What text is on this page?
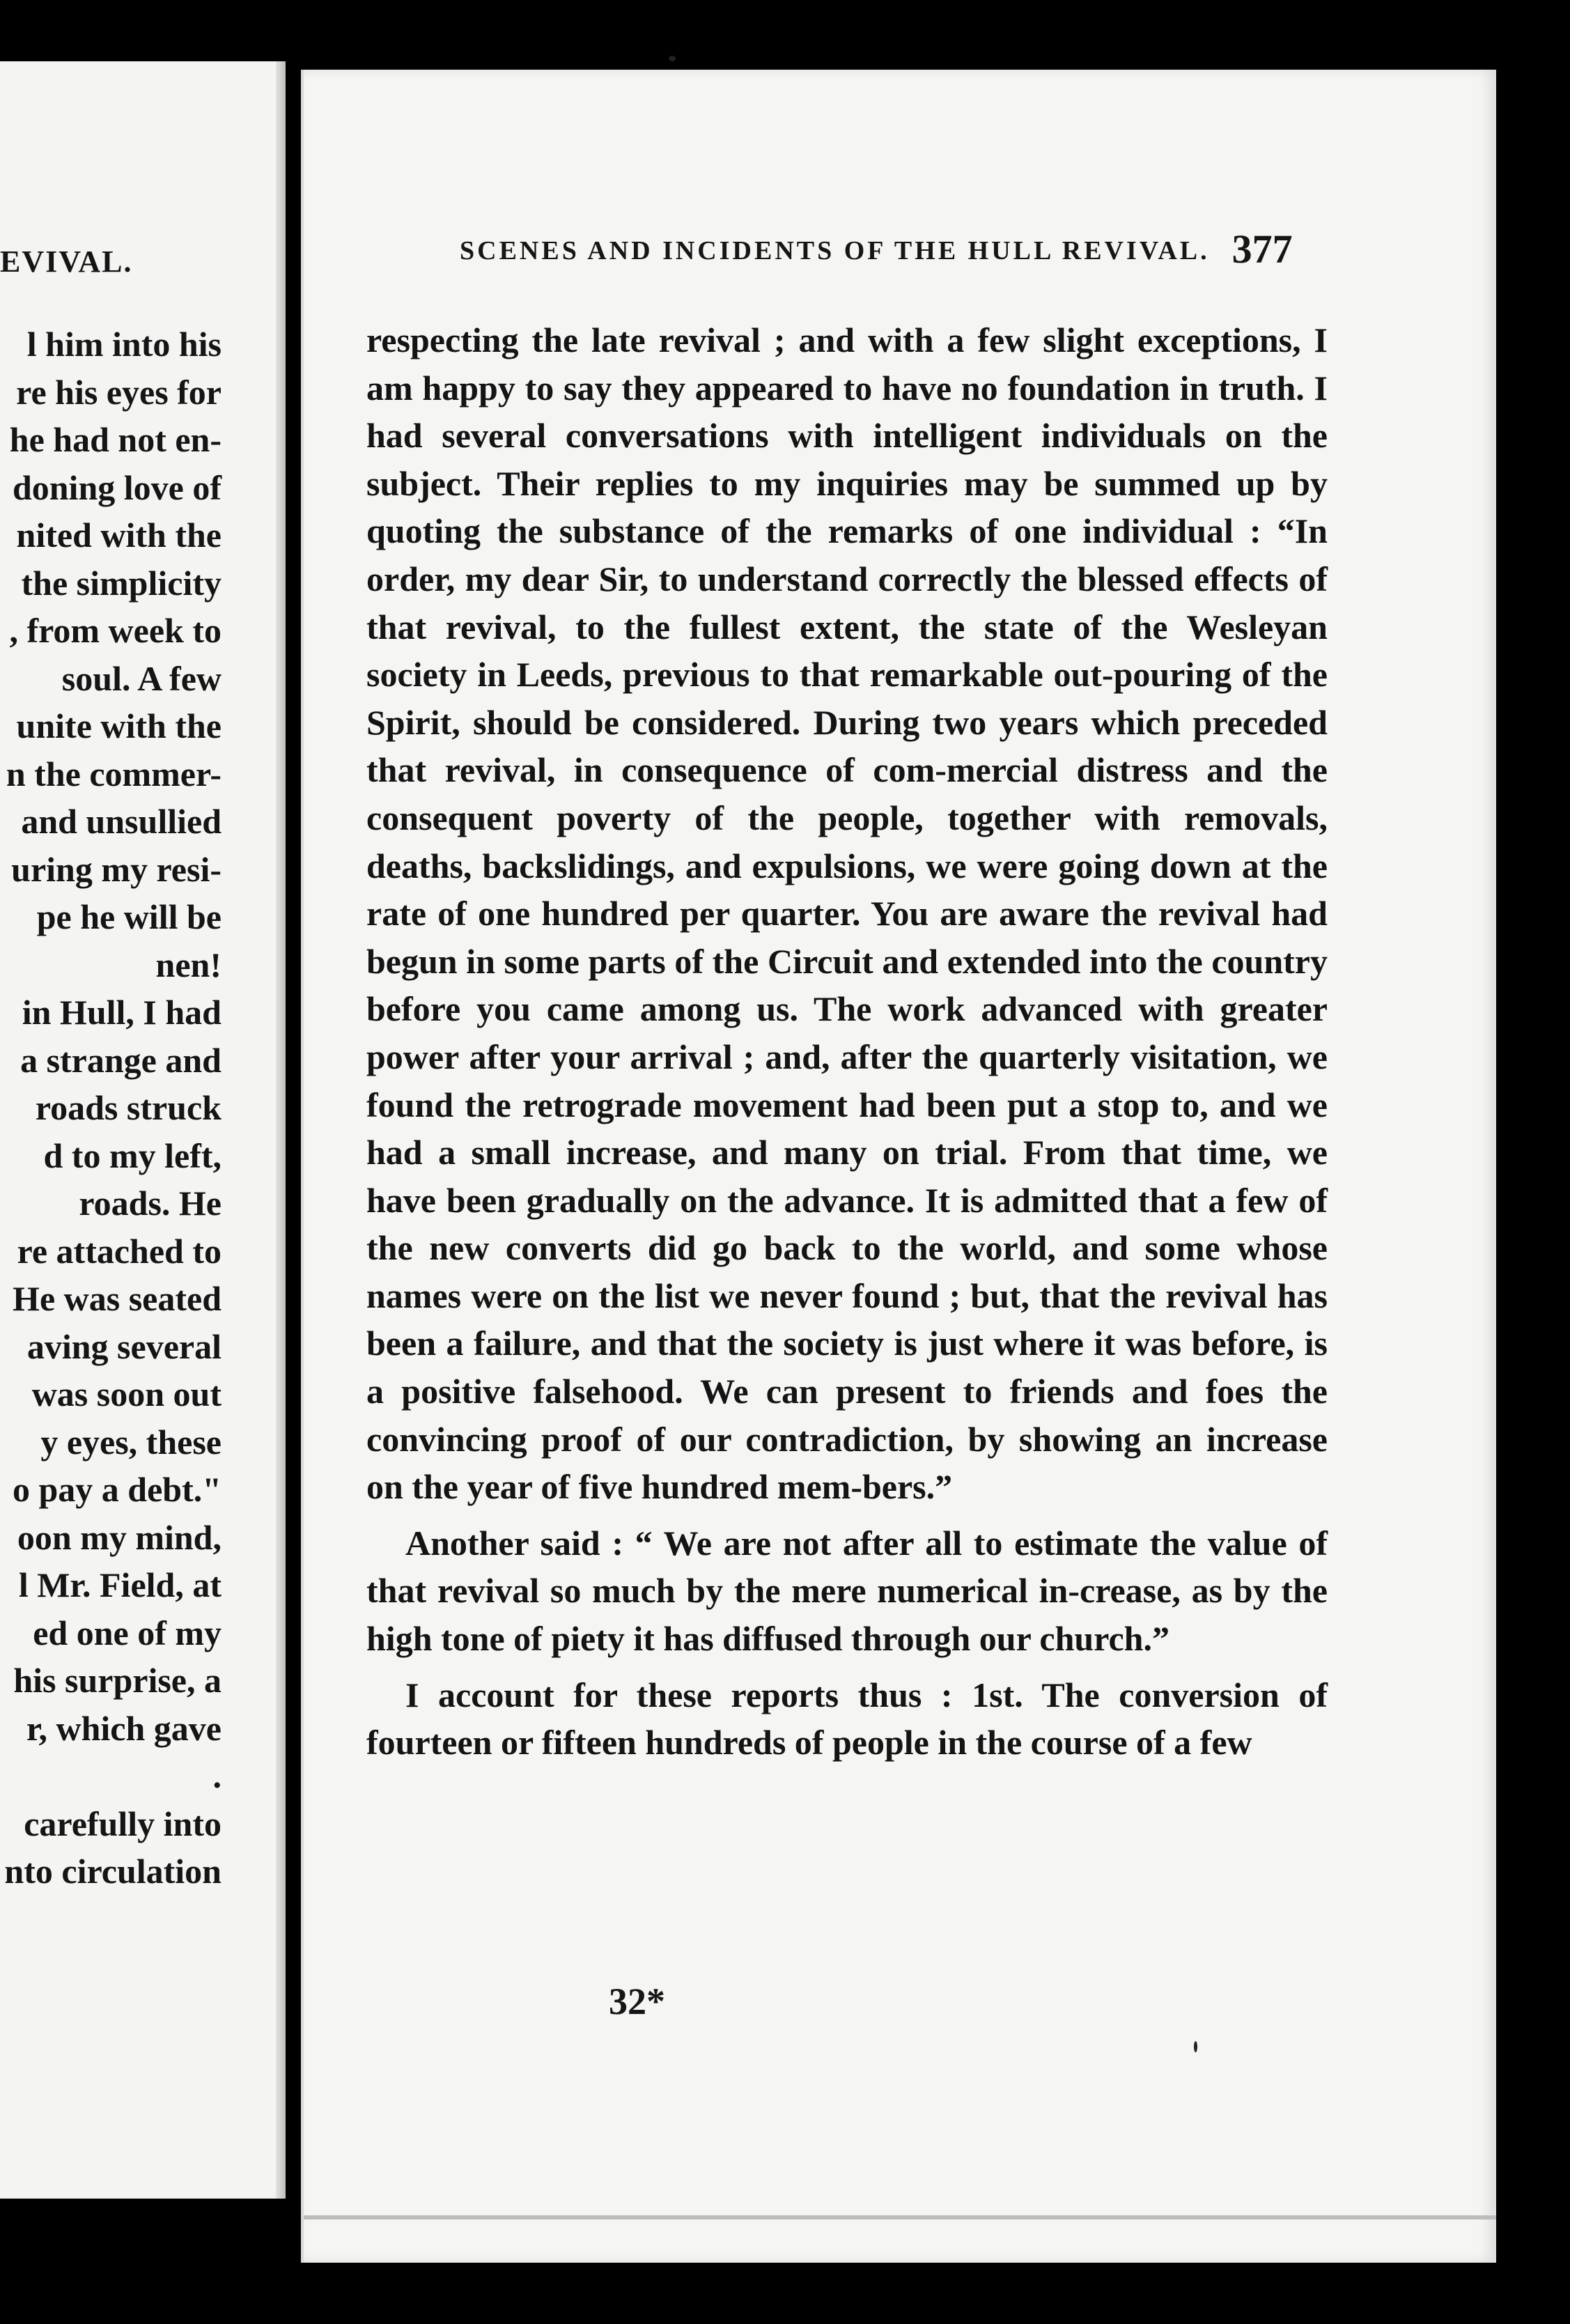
EVIVAL.
l him into his
re his eyes for
he had not en-
doning love of
nited with the
the simplicity
, from week to
soul. A few
unite with the
n the commer-
and unsullied
uring my resi-
pe he will be
nen!
in Hull, I had
a strange and
roads struck
d to my left,
roads. He
re attached to
He was seated
aving several
was soon out
y eyes, these
o pay a debt."
oon my mind,
l Mr. Field, at
ed one of my
his surprise, a
r, which gave
.
carefully into
nto circulation
SCENES AND INCIDENTS OF THE HULL REVIVAL. 377

respecting the late revival ; and with a few slight exceptions, I am happy to say they appeared to have no foundation in truth. I had several conversations with intelligent individuals on the subject. Their replies to my inquiries may be summed up by quoting the substance of the remarks of one individual : “In order, my dear Sir, to understand correctly the blessed effects of that revival, to the fullest extent, the state of the Wesleyan society in Leeds, previous to that remarkable out-pouring of the Spirit, should be considered. During two years which preceded that revival, in consequence of com-mercial distress and the consequent poverty of the people, together with removals, deaths, backslidings, and expulsions, we were going down at the rate of one hundred per quarter. You are aware the revival had begun in some parts of the Circuit and extended into the country before you came among us. The work advanced with greater power after your arrival ; and, after the quarterly visitation, we found the retrograde movement had been put a stop to, and we had a small increase, and many on trial. From that time, we have been gradually on the advance. It is admitted that a few of the new converts did go back to the world, and some whose names were on the list we never found ; but, that the revival has been a failure, and that the society is just where it was before, is a positive falsehood. We can present to friends and foes the convincing proof of our contradiction, by showing an increase on the year of five hundred mem-bers.”

Another said : “ We are not after all to estimate the value of that revival so much by the mere numerical in-crease, as by the high tone of piety it has diffused through our church.”

I account for these reports thus : 1st. The conversion of fourteen or fifteen hundreds of people in the course of a few

32*
